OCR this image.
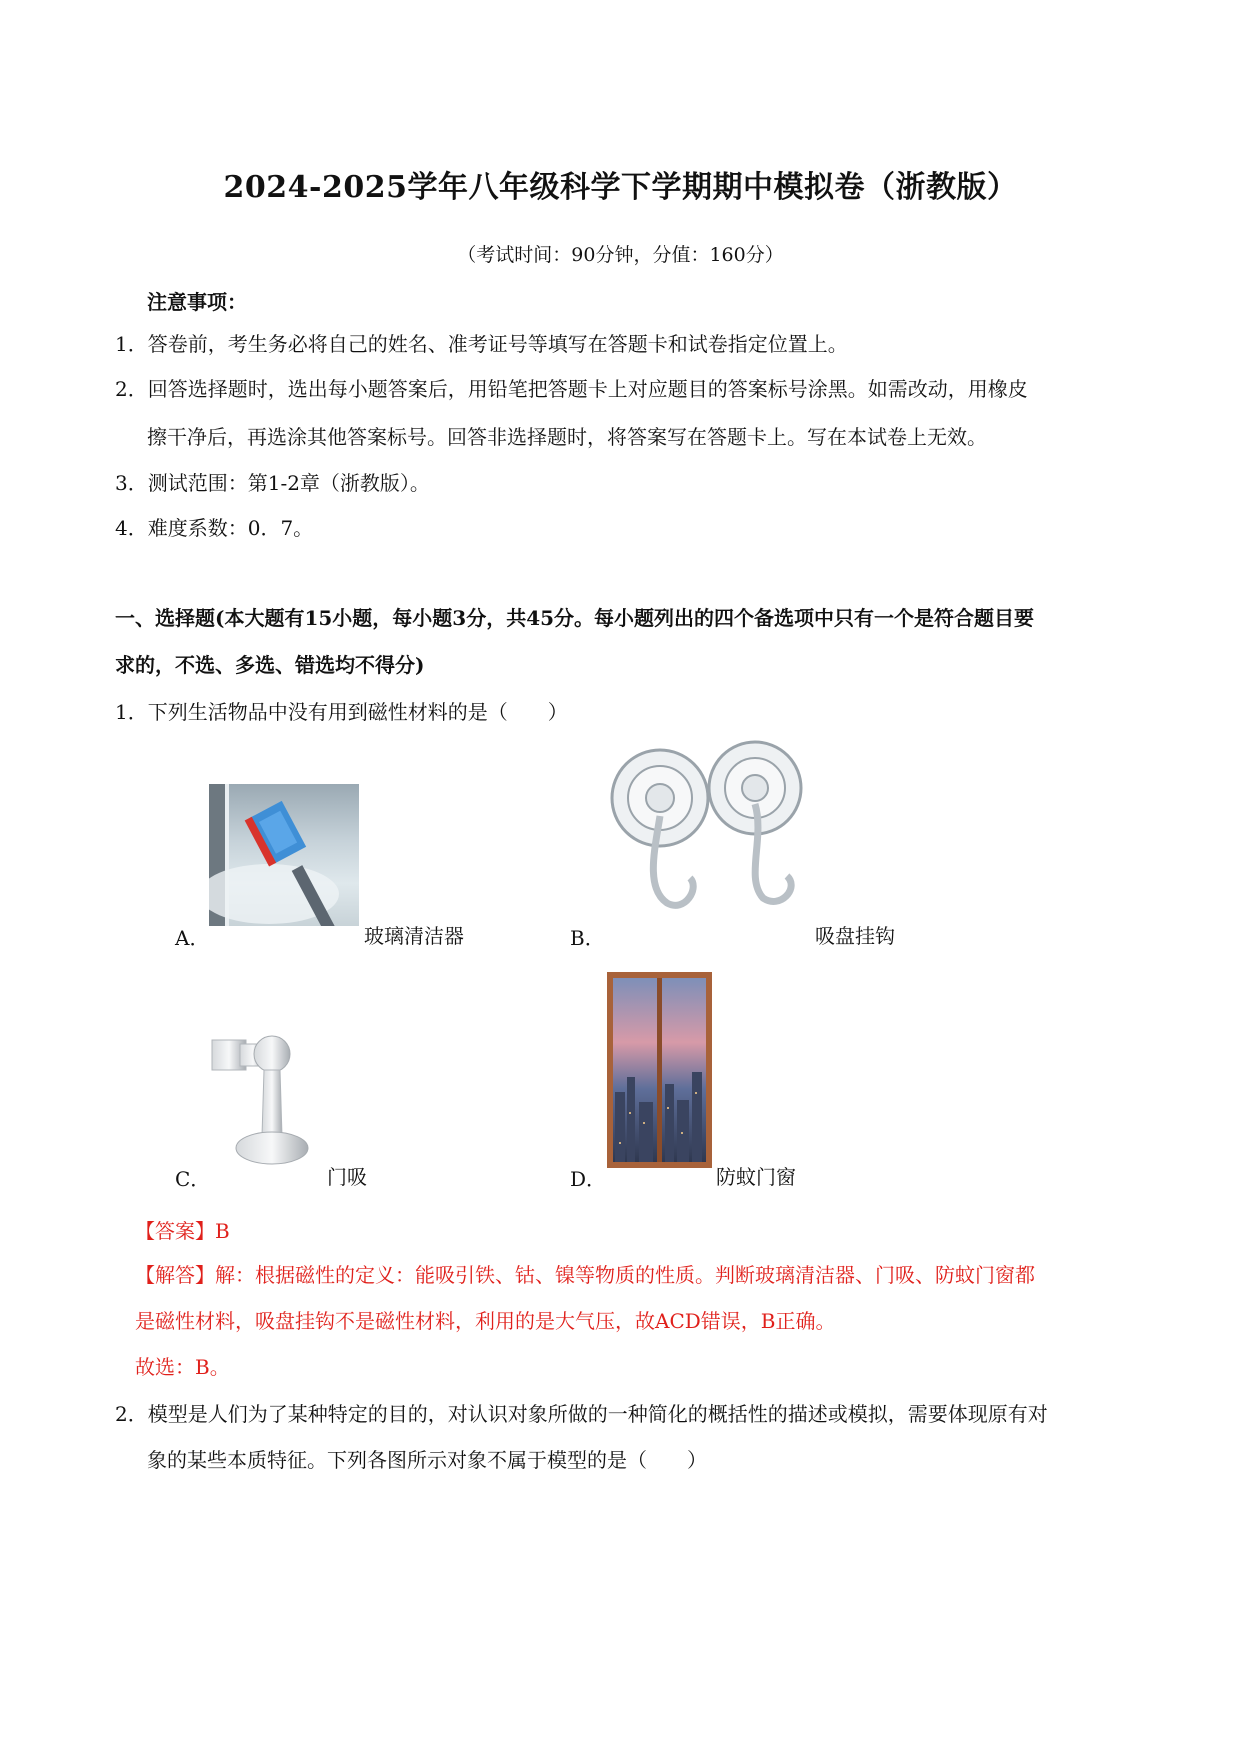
2024-2025学年八年级科学下学期期中模拟卷（浙教版）
（考试时间：90分钟，分值：160分）
注意事项：
1．答卷前，考生务必将自己的姓名、准考证号等填写在答题卡和试卷指定位置上。
2．回答选择题时，选出每小题答案后，用铅笔把答题卡上对应题目的答案标号涂黑。如需改动，用橡皮
擦干净后，再选涂其他答案标号。回答非选择题时，将答案写在答题卡上。写在本试卷上无效。
3．测试范围：第1-2章（浙教版）。
4．难度系数：0．7。
一、选择题(本大题有15小题，每小题3分，共45分。每小题列出的四个备选项中只有一个是符合题目要
求的，不选、多选、错选均不得分)
1．下列生活物品中没有用到磁性材料的是（　　）
A．	玻璃清洁器	B．	吸盘挂钩
C．	门吸	D．	防蚊门窗
【答案】B
【解答】解：根据磁性的定义：能吸引铁、钴、镍等物质的性质。判断玻璃清洁器、门吸、防蚊门窗都
是磁性材料，吸盘挂钩不是磁性材料，利用的是大气压，故ACD错误，B正确。
故选：B。
2．模型是人们为了某种特定的目的，对认识对象所做的一种简化的概括性的描述或模拟，需要体现原有对
象的某些本质特征。下列各图所示对象不属于模型的是（　　）
